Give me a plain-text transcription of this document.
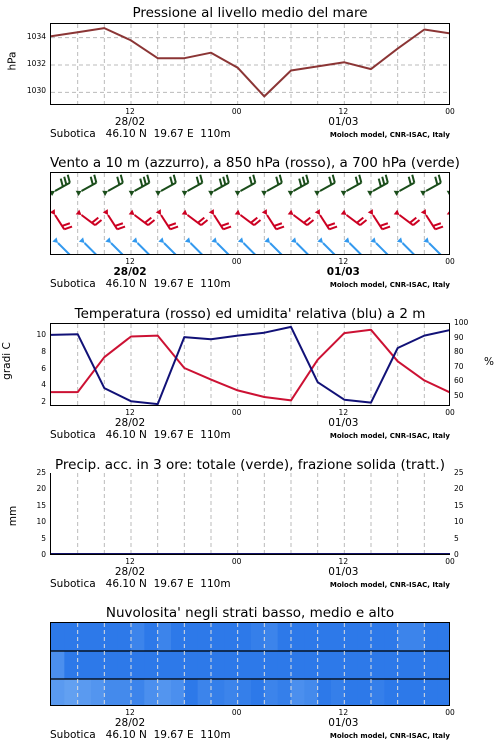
Pressione al livello medio del mare
hPa
1034
1032
1030
12	00	12	00
28/02	01/03
Subotica   46.10 N  19.67 E  110m	Moloch model, CNR-ISAC, Italy
Vento a 10 m (azzurro), a 850 hPa (rosso), a 700 hPa (verde)
12	00	12	00
28/02	01/03
Subotica   46.10 N  19.67 E  110m	Moloch model, CNR-ISAC, Italy
Temperatura (rosso) ed umidita' relativa (blu) a 2 m
gradi C	%
10
8
6
4
2
100
90
80
70
60
50
12	00	12	00
28/02	01/03
Subotica   46.10 N  19.67 E  110m	Moloch model, CNR-ISAC, Italy
Precip. acc. in 3 ore: totale (verde), frazione solida (tratt.)
mm
25	25
20	20
15	15
10	10
5	5
0	0
12	00	12	00
28/02	01/03
Subotica   46.10 N  19.67 E  110m	Moloch model, CNR-ISAC, Italy
Nuvolosita' negli strati basso, medio e alto
12	00	12	00
28/02	01/03
Subotica   46.10 N  19.67 E  110m	Moloch model, CNR-ISAC, Italy
